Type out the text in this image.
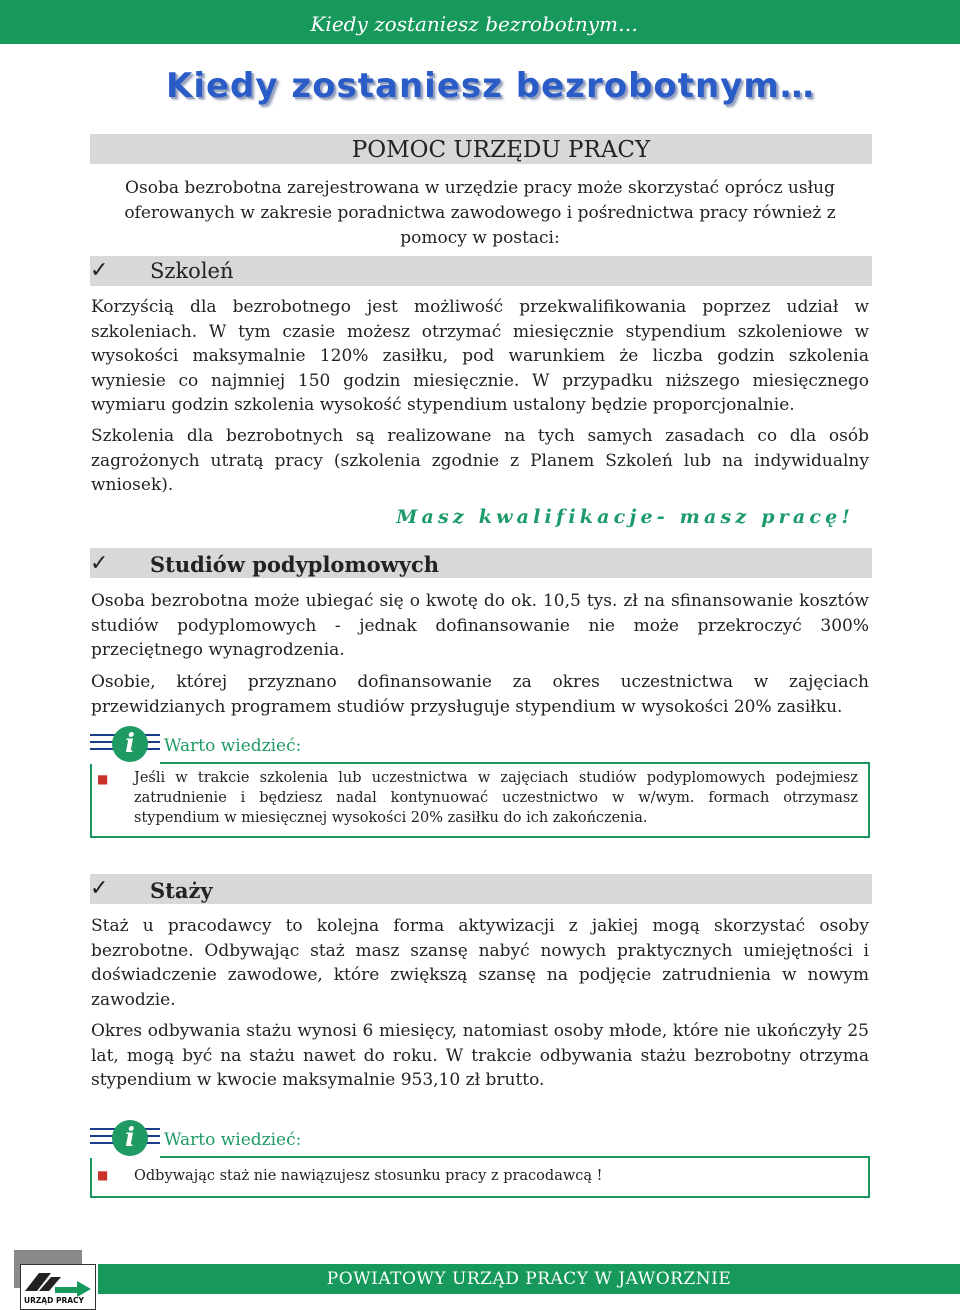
Kiedy zostaniesz bezrobotnym…
Kiedy zostaniesz bezrobotnym…
POMOC URZĘDU PRACY

Osoba bezrobotna zarejestrowana w urzędzie pracy może skorzystać oprócz usług oferowanych w zakresie poradnictwa zawodowego i pośrednictwa pracy również z pomocy w postaci:

✓ Szkoleń

Korzyścią dla bezrobotnego jest możliwość przekwalifikowania poprzez udział w szkoleniach. W tym czasie możesz otrzymać miesięcznie stypendium szkoleniowe w wysokości maksymalnie 120% zasiłku, pod warunkiem że liczba godzin szkolenia wyniesie co najmniej 150 godzin miesięcznie. W przypadku niższego miesięcznego wymiaru godzin szkolenia wysokość stypendium ustalony będzie proporcjonalnie.

Szkolenia dla bezrobotnych są realizowane na tych samych zasadach co dla osób zagrożonych utratą pracy (szkolenia zgodnie z Planem Szkoleń lub na indywidualny wniosek).

Masz kwalifikacje- masz pracę!
✓ Studiów podyplomowych

Osoba bezrobotna może ubiegać się o kwotę do ok. 10,5 tys. zł na sfinansowanie kosztów studiów podyplomowych - jednak dofinansowanie nie może przekroczyć 300% przeciętnego wynagrodzenia.

Osobie, której przyznano dofinansowanie za okres uczestnictwa w zajęciach przewidzianych programem studiów przysługuje stypendium w wysokości 20% zasiłku.

i	Warto wiedzieć:
■ Jeśli w trakcie szkolenia lub uczestnictwa w zajęciach studiów podyplomowych podejmiesz zatrudnienie i będziesz nadal kontynuować uczestnictwo w w/wym. formach otrzymasz stypendium w miesięcznej wysokości 20% zasiłku do ich zakończenia.

✓ Staży

Staż u pracodawcy to kolejna forma aktywizacji z jakiej mogą skorzystać osoby bezrobotne. Odbywając staż masz szansę nabyć nowych praktycznych umiejętności i doświadczenie zawodowe, które zwiększą szansę na podjęcie zatrudnienia w nowym zawodzie.

Okres odbywania stażu wynosi 6 miesięcy, natomiast osoby młode, które nie ukończyły 25 lat, mogą być na stażu nawet do roku. W trakcie odbywania stażu bezrobotny otrzyma stypendium w kwocie maksymalnie 953,10 zł brutto.

i	Warto wiedzieć:
■ Odbywając staż nie nawiązujesz stosunku pracy z pracodawcą !

URZĄD PRACY
POWIATOWY URZĄD PRACY W JAWORZNIE
